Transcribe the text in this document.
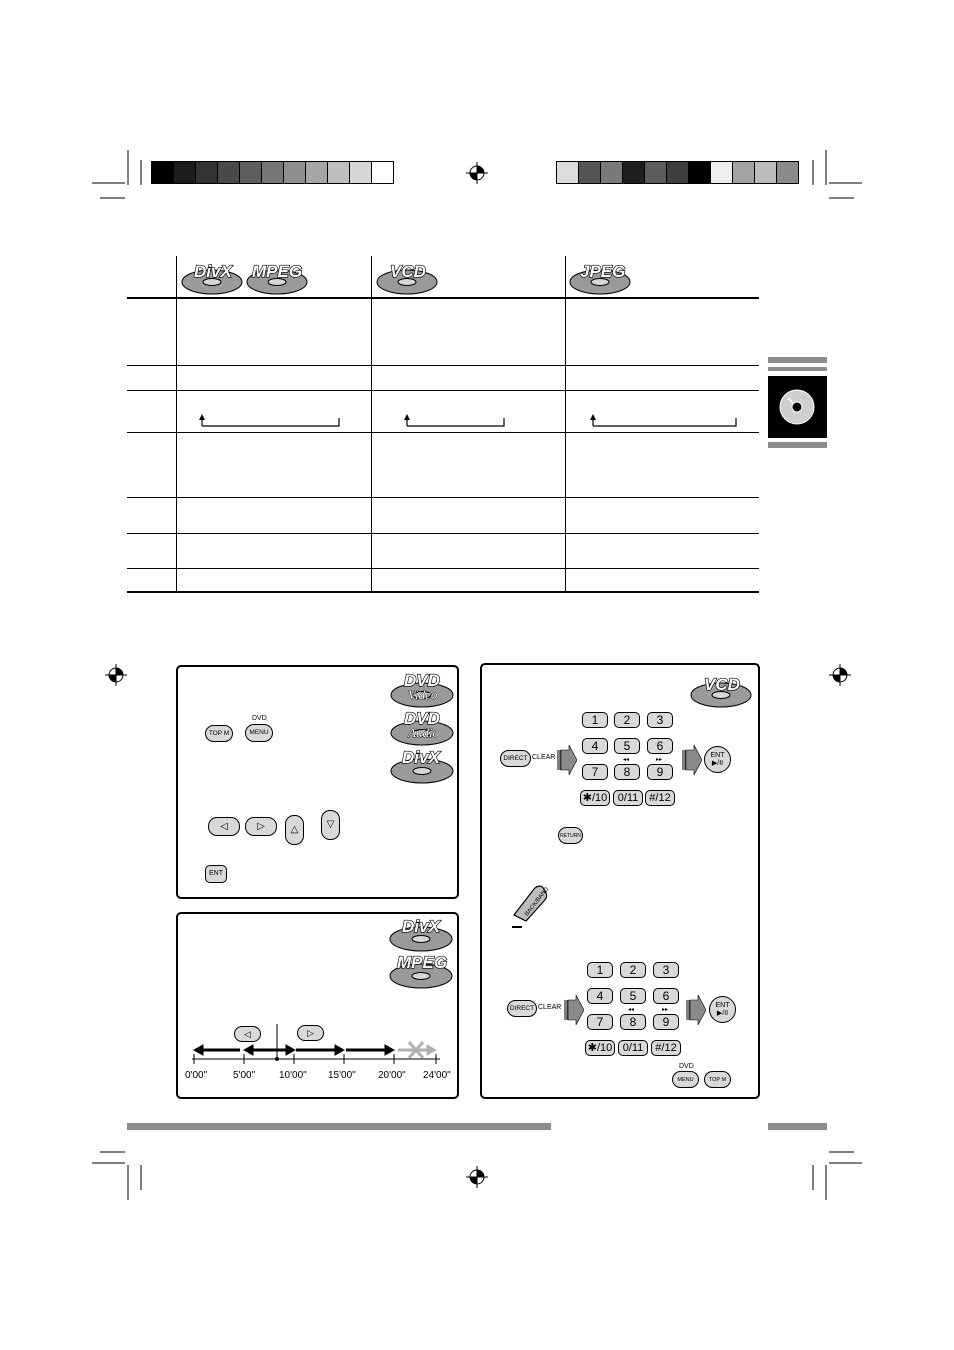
DivX MPEG	VCD	JPEG
DVD
Video
DVD
Audio
DivX
TOP M
DVD
MENU
◁	▷	△	▽
ENT
DivX
MPEG
◁	▷
0'00"	5'00" 10'00" 15'00" 20'00" 24'00"
VCD
1	2	3
4	5	6
◂◂	▸▸
7	8	9
✱/10 0/11 #/12
DIRECT CLEAR	ENT
▶/II
RETURN
BACK/BAND
1	2	3
4	5	6
◂◂	▸▸
7	8	9
✱/10 0/11	#/12
DIRECT CLEAR	ENT
▶/II
DVD
MENU	TOP M
